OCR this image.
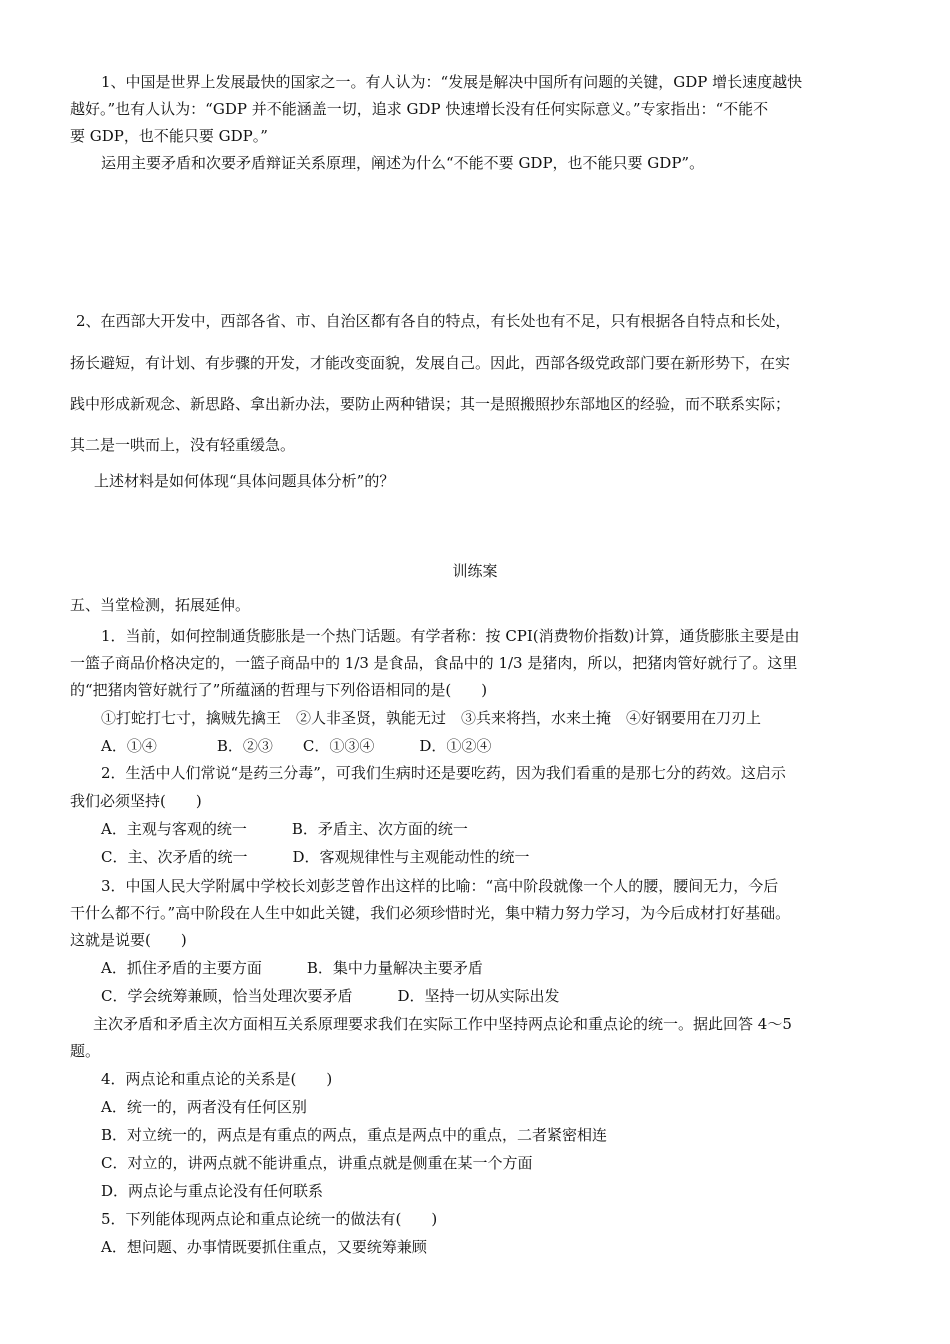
1、中国是世界上发展最快的国家之一。有人认为：“发展是解决中国所有问题的关键，GDP 增长速度越快
越好。”也有人认为：“GDP 并不能涵盖一切，追求 GDP 快速增长没有任何实际意义。”专家指出：“不能不
要 GDP，也不能只要 GDP。”
运用主要矛盾和次要矛盾辩证关系原理，阐述为什么“不能不要 GDP，也不能只要 GDP”。
2、在西部大开发中，西部各省、市、自治区都有各自的特点，有长处也有不足，只有根据各自特点和长处，
扬长避短，有计划、有步骤的开发，才能改变面貌，发展自己。因此，西部各级党政部门要在新形势下，在实
践中形成新观念、新思路、拿出新办法，要防止两种错误；其一是照搬照抄东部地区的经验，而不联系实际；
其二是一哄而上，没有轻重缓急。
上述材料是如何体现“具体问题具体分析”的？
训练案
五、当堂检测，拓展延伸。
1．当前，如何控制通货膨胀是一个热门话题。有学者称：按 CPI(消费物价指数)计算，通货膨胀主要是由
一篮子商品价格决定的，一篮子商品中的 1/3 是食品，食品中的 1/3 是猪肉，所以，把猪肉管好就行了。这里
的“把猪肉管好就行了”所蕴涵的哲理与下列俗语相同的是(　　)
①打蛇打七寸，擒贼先擒王　②人非圣贤，孰能无过　③兵来将挡，水来土掩　④好钢要用在刀刃上
A．①④　　　　B．②③　　C．①③④　　　D．①②④
2．生活中人们常说“是药三分毒”，可我们生病时还是要吃药，因为我们看重的是那七分的药效。这启示
我们必须坚持(　　)
A．主观与客观的统一　　　B．矛盾主、次方面的统一
C．主、次矛盾的统一　　　D．客观规律性与主观能动性的统一
3．中国人民大学附属中学校长刘彭芝曾作出这样的比喻：“高中阶段就像一个人的腰，腰间无力，今后
干什么都不行。”高中阶段在人生中如此关键，我们必须珍惜时光，集中精力努力学习，为今后成材打好基础。
这就是说要(　　)
A．抓住矛盾的主要方面　　　B．集中力量解决主要矛盾
C．学会统筹兼顾，恰当处理次要矛盾　　　D．坚持一切从实际出发
主次矛盾和矛盾主次方面相互关系原理要求我们在实际工作中坚持两点论和重点论的统一。据此回答 4～5
题。
4．两点论和重点论的关系是(　　)
A．统一的，两者没有任何区别
B．对立统一的，两点是有重点的两点，重点是两点中的重点，二者紧密相连
C．对立的，讲两点就不能讲重点，讲重点就是侧重在某一个方面
D．两点论与重点论没有任何联系
5．下列能体现两点论和重点论统一的做法有(　　)
A．想问题、办事情既要抓住重点，又要统筹兼顾
